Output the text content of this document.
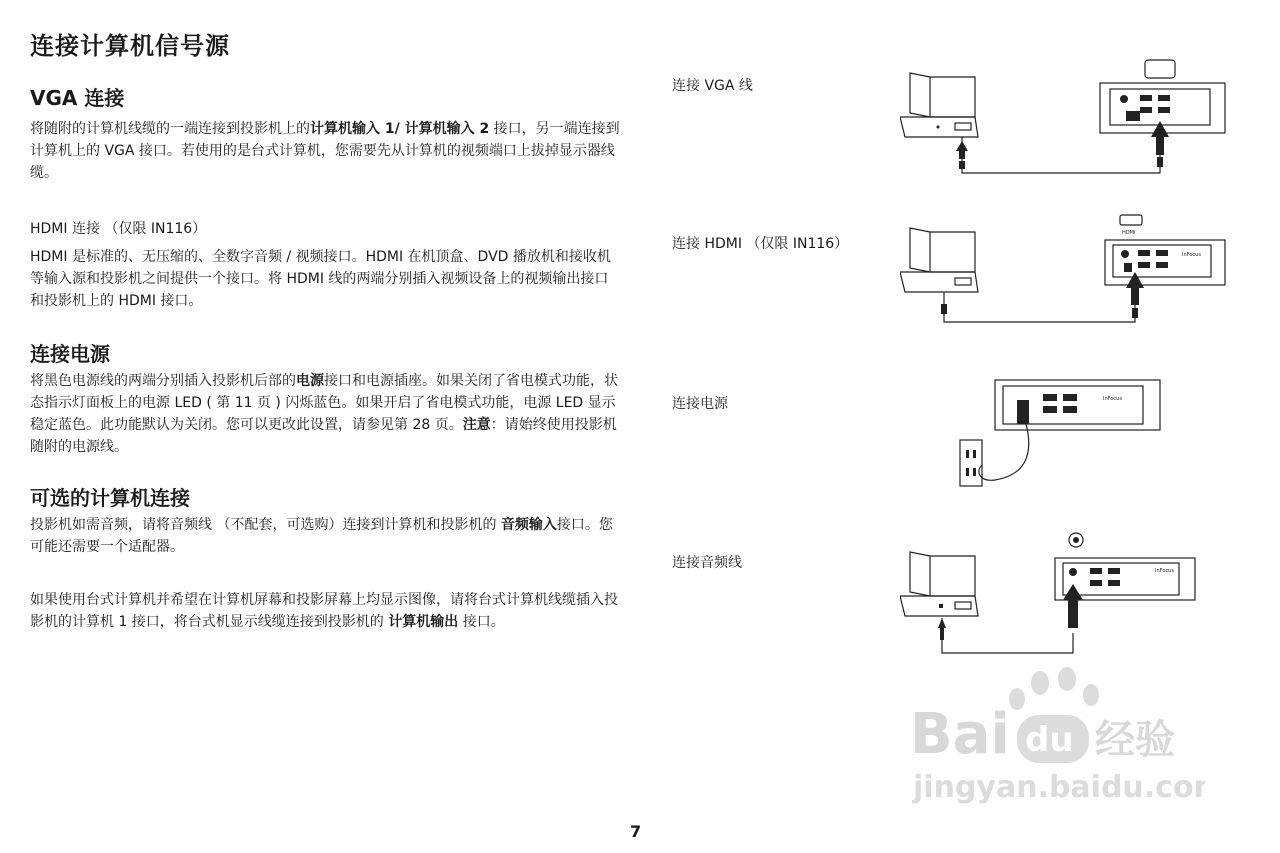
连接计算机信号源
VGA 连接
将随附的计算机线缆的一端连接到投影机上的计算机输入 1/ 计算机输入 2 接口，另一端连接到计算机上的 VGA 接口。若使用的是台式计算机，您需要先从计算机的视频端口上拔掉显示器线缆。
HDMI 连接 （仅限 IN116）
HDMI 是标准的、无压缩的、全数字音频 / 视频接口。HDMI 在机顶盒、DVD 播放机和接收机等输入源和投影机之间提供一个接口。将 HDMI 线的两端分别插入视频设备上的视频输出接口和投影机上的 HDMI 接口。
连接电源
将黑色电源线的两端分别插入投影机后部的电源接口和电源插座。如果关闭了省电模式功能，状态指示灯面板上的电源 LED ( 第 11 页 ) 闪烁蓝色。如果开启了省电模式功能，电源 LED 显示稳定蓝色。此功能默认为关闭。您可以更改此设置，请参见第 28 页。注意：请始终使用投影机随附的电源线。
可选的计算机连接
投影机如需音频，请将音频线 （不配套，可选购）连接到计算机和投影机的 音频输入接口。您可能还需要一个适配器。
如果使用台式计算机并希望在计算机屏幕和投影屏幕上均显示图像，请将台式计算机线缆插入投影机的计算机 1 接口，将台式机显示线缆连接到投影机的 计算机输出 接口。
连接 VGA 线
连接 HDMI （仅限 IN116）
连接电源
连接音频线
HDMI
InFocus
InFocus
InFocus
Bai du 经验
jingyan.baidu.com
7
